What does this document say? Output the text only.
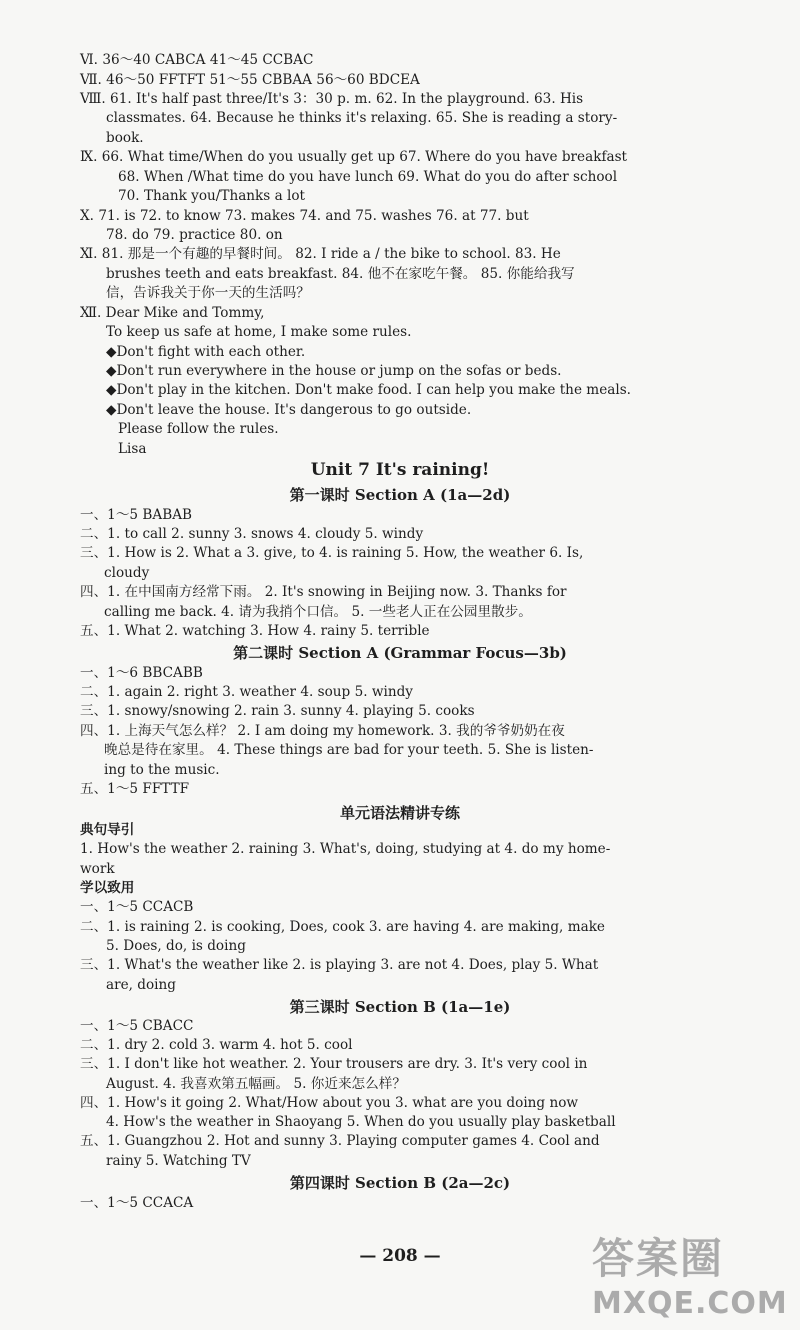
Ⅵ. 36～40 CABCA 41～45 CCBAC
Ⅶ. 46～50 FFTFT 51～55 CBBAA 56～60 BDCEA
Ⅷ. 61. It's half past three/It's 3：30 p. m. 62. In the playground. 63. His
classmates. 64. Because he thinks it's relaxing. 65. She is reading a story-
book.
Ⅸ. 66. What time/When do you usually get up 67. Where do you have breakfast
68. When /What time do you have lunch 69. What do you do after school
70. Thank you/Thanks a lot
Ⅹ. 71. is 72. to know 73. makes 74. and 75. washes 76. at 77. but
78. do 79. practice 80. on
Ⅺ. 81. 那是一个有趣的早餐时间。 82. I ride a / the bike to school. 83. He
brushes teeth and eats breakfast. 84. 他不在家吃午餐。 85. 你能给我写
信，告诉我关于你一天的生活吗？
Ⅻ. Dear Mike and Tommy,
To keep us safe at home, I make some rules.
◆Don't fight with each other.
◆Don't run everywhere in the house or jump on the sofas or beds.
◆Don't play in the kitchen. Don't make food. I can help you make the meals.
◆Don't leave the house. It's dangerous to go outside.
Please follow the rules.
Lisa
Unit 7 It's raining!
第一课时 Section A (1a—2d)
一、1～5 BABAB
二、1. to call 2. sunny 3. snows 4. cloudy 5. windy
三、1. How is 2. What a 3. give, to 4. is raining 5. How, the weather 6. Is,
cloudy
四、1. 在中国南方经常下雨。 2. It's snowing in Beijing now. 3. Thanks for
calling me back. 4. 请为我捎个口信。 5. 一些老人正在公园里散步。
五、1. What 2. watching 3. How 4. rainy 5. terrible
第二课时 Section A (Grammar Focus—3b)
一、1～6 BBCABB
二、1. again 2. right 3. weather 4. soup 5. windy
三、1. snowy/snowing 2. rain 3. sunny 4. playing 5. cooks
四、1. 上海天气怎么样？ 2. I am doing my homework. 3. 我的爷爷奶奶在夜
晚总是待在家里。 4. These things are bad for your teeth. 5. She is listen-
ing to the music.
五、1～5 FFTTF
单元语法精讲专练
典句导引
1. How's the weather 2. raining 3. What's, doing, studying at 4. do my home-
work
学以致用
一、1～5 CCACB
二、1. is raining 2. is cooking, Does, cook 3. are having 4. are making, make
5. Does, do, is doing
三、1. What's the weather like 2. is playing 3. are not 4. Does, play 5. What
are, doing
第三课时 Section B (1a—1e)
一、1～5 CBACC
二、1. dry 2. cold 3. warm 4. hot 5. cool
三、1. I don't like hot weather. 2. Your trousers are dry. 3. It's very cool in
August. 4. 我喜欢第五幅画。 5. 你近来怎么样？
四、1. How's it going 2. What/How about you 3. what are you doing now
4. How's the weather in Shaoyang 5. When do you usually play basketball
五、1. Guangzhou 2. Hot and sunny 3. Playing computer games 4. Cool and
rainy 5. Watching TV
第四课时 Section B (2a—2c)
一、1～5 CCACA
— 208 —	答案圈
MXQE.COM
